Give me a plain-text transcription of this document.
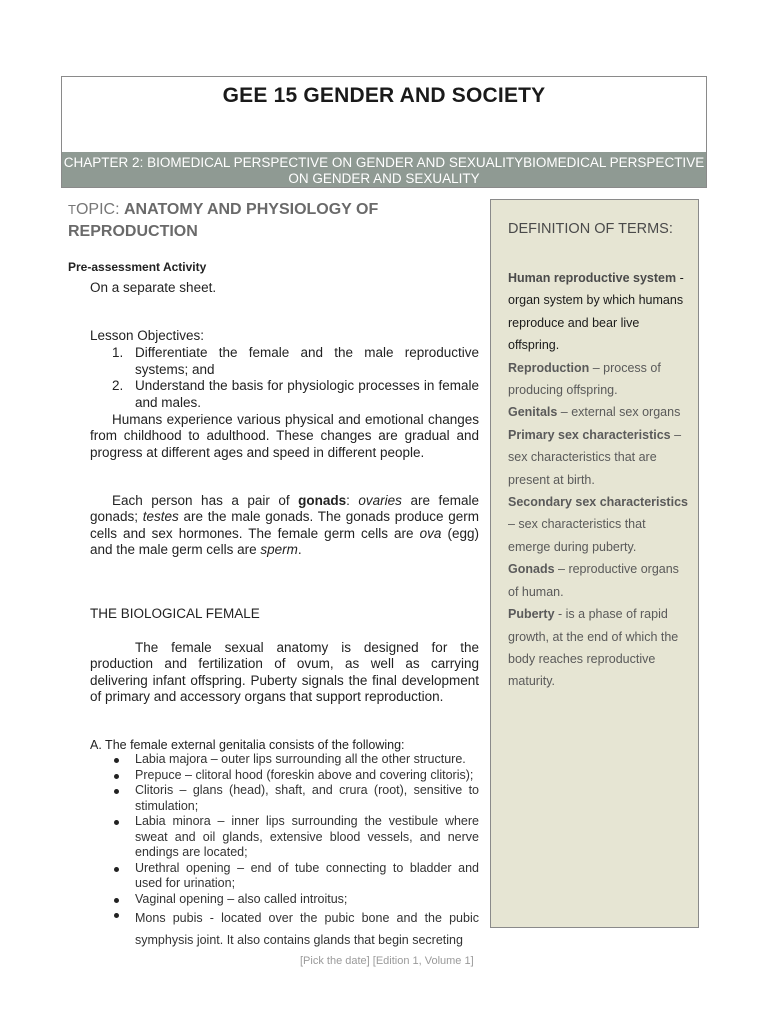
GEE 15 GENDER AND SOCIETY
CHAPTER 2: BIOMEDICAL PERSPECTIVE ON GENDER AND SEXUALITYBIOMEDICAL PERSPECTIVE ON GENDER AND SEXUALITY
TOPIC: ANATOMY AND PHYSIOLOGY OF REPRODUCTION
Pre-assessment Activity
On a separate sheet.
Lesson Objectives:
1. Differentiate the female and the male reproductive systems; and
2. Understand the basis for physiologic processes in female and males.

Humans experience various physical and emotional changes from childhood to adulthood. These changes are gradual and progress at different ages and speed in different people.

Each person has a pair of gonads: ovaries are female gonads; testes are the male gonads. The gonads produce germ cells and sex hormones. The female germ cells are ova (egg) and the male germ cells are sperm.

THE BIOLOGICAL FEMALE

The female sexual anatomy is designed for the production and fertilization of ovum, as well as carrying delivering infant offspring. Puberty signals the final development of primary and accessory organs that support reproduction.

A. The female external genitalia consists of the following:
Labia majora – outer lips surrounding all the other structure.
Prepuce – clitoral hood (foreskin above and covering clitoris);
Clitoris – glans (head), shaft, and crura (root), sensitive to stimulation;
Labia minora – inner lips surrounding the vestibule where sweat and oil glands, extensive blood vessels, and nerve endings are located;
Urethral opening – end of tube connecting to bladder and used for urination;
Vaginal opening – also called introitus;
Mons pubis - located over the pubic bone and the pubic symphysis joint. It also contains glands that begin secreting
[Pick the date] [Edition 1, Volume 1]
DEFINITION OF TERMS:
Human reproductive system - organ system by which humans reproduce and bear live offspring.
Reproduction – process of producing offspring.
Genitals – external sex organs
Primary sex characteristics – sex characteristics that are present at birth.
Secondary sex characteristics – sex characteristics that emerge during puberty.
Gonads – reproductive organs of human.
Puberty - is a phase of rapid growth, at the end of which the body reaches reproductive maturity.
